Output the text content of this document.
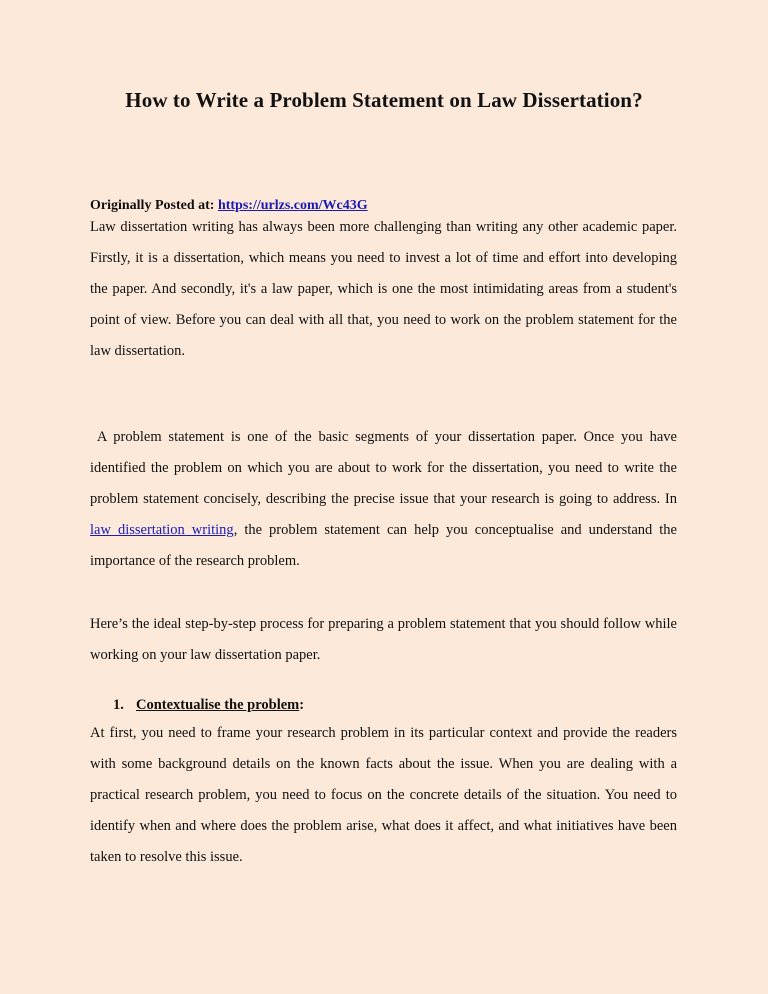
How to Write a Problem Statement on Law Dissertation?

Originally Posted at: https://urlzs.com/Wc43G

Law dissertation writing has always been more challenging than writing any other academic paper. Firstly, it is a dissertation, which means you need to invest a lot of time and effort into developing the paper. And secondly, it's a law paper, which is one the most intimidating areas from a student's point of view. Before you can deal with all that, you need to work on the problem statement for the law dissertation.

A problem statement is one of the basic segments of your dissertation paper. Once you have identified the problem on which you are about to work for the dissertation, you need to write the problem statement concisely, describing the precise issue that your research is going to address. In law dissertation writing, the problem statement can help you conceptualise and understand the importance of the research problem.

Here’s the ideal step-by-step process for preparing a problem statement that you should follow while working on your law dissertation paper.

1. Contextualise the problem:

At first, you need to frame your research problem in its particular context and provide the readers with some background details on the known facts about the issue. When you are dealing with a practical research problem, you need to focus on the concrete details of the situation. You need to identify when and where does the problem arise, what does it affect, and what initiatives have been taken to resolve this issue.
